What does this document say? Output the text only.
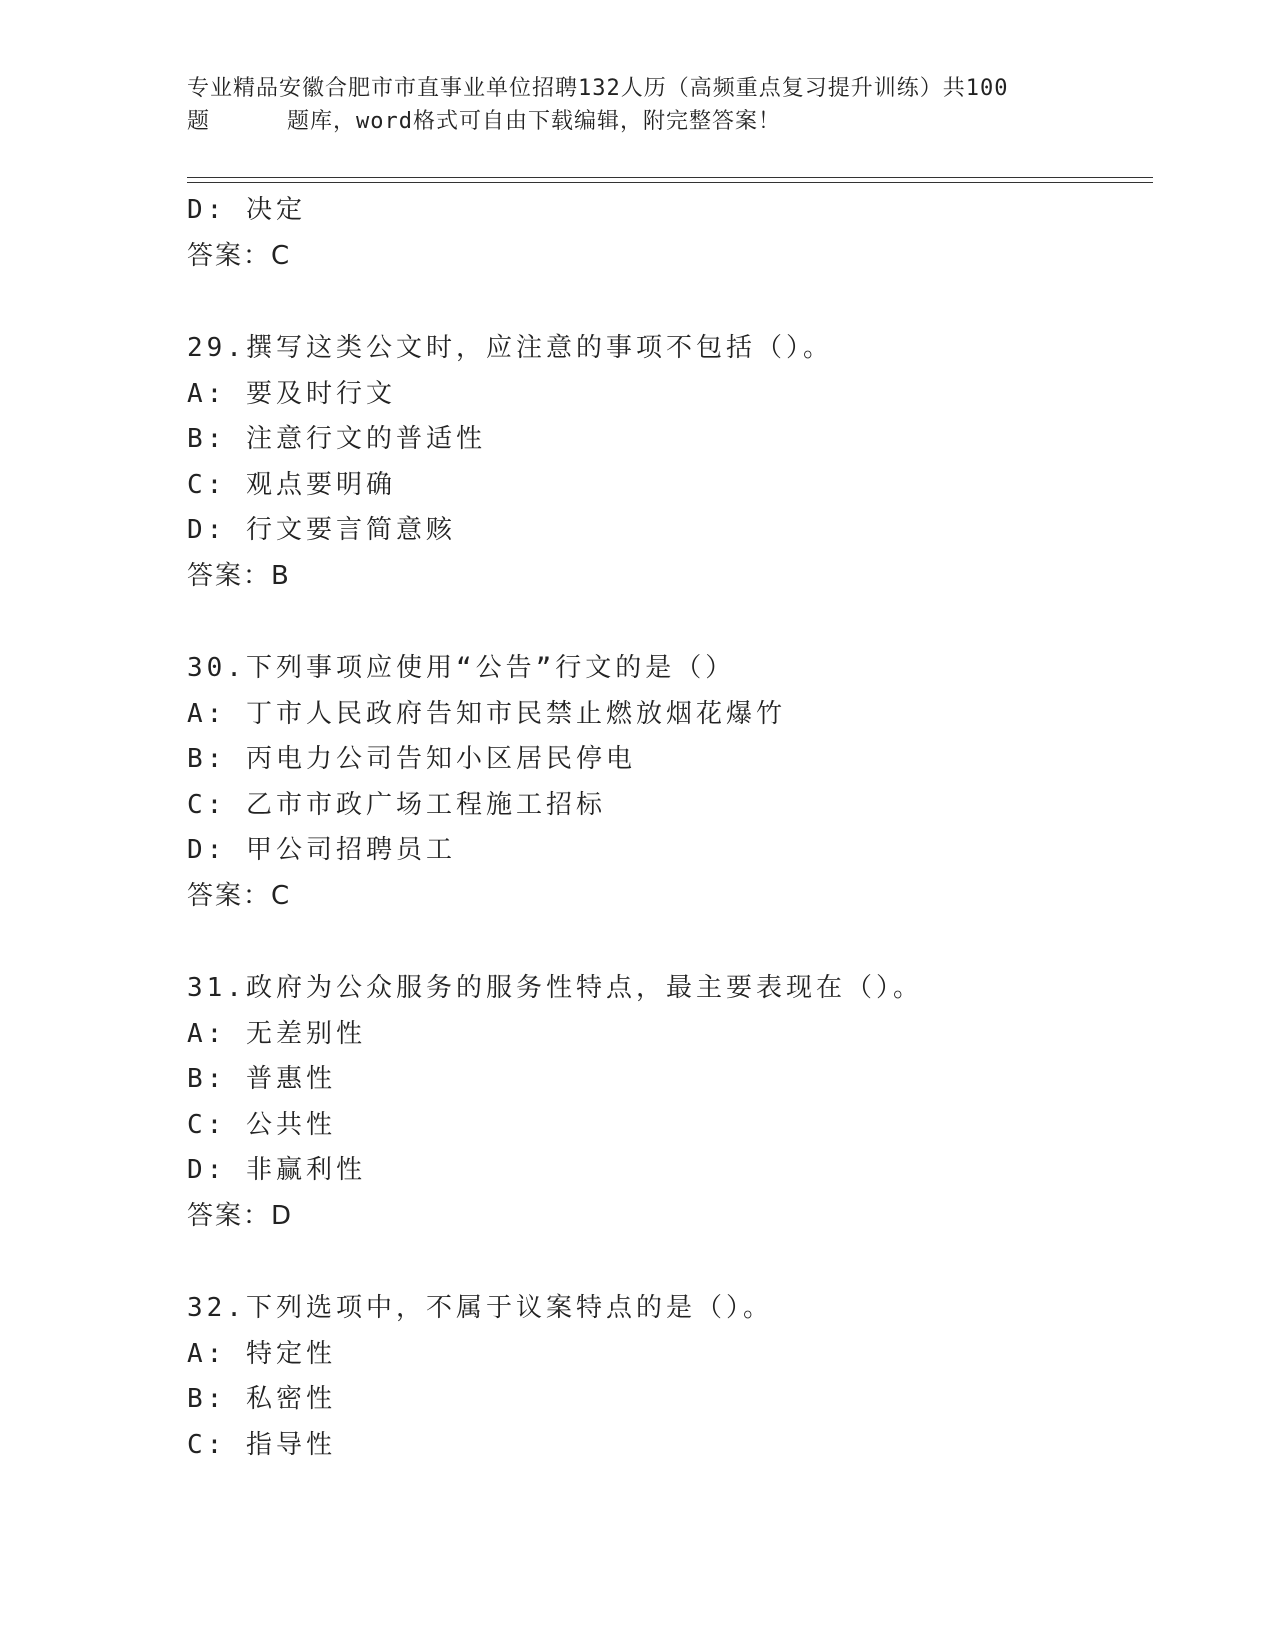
专业精品安徽合肥市市直事业单位招聘132人历（高频重点复习提升训练）共100
题	题库，word格式可自由下载编辑，附完整答案！
D: 决定
答案：C
29.撰写这类公文时，应注意的事项不包括（）。
A: 要及时行文
B: 注意行文的普适性
C: 观点要明确
D: 行文要言简意赅
答案：B
30.下列事项应使用“公告”行文的是（）
A: 丁市人民政府告知市民禁止燃放烟花爆竹
B: 丙电力公司告知小区居民停电
C: 乙市市政广场工程施工招标
D: 甲公司招聘员工
答案：C
31.政府为公众服务的服务性特点，最主要表现在（）。
A: 无差别性
B: 普惠性
C: 公共性
D: 非赢利性
答案：D
32.下列选项中，不属于议案特点的是（）。
A: 特定性
B: 私密性
C: 指导性
